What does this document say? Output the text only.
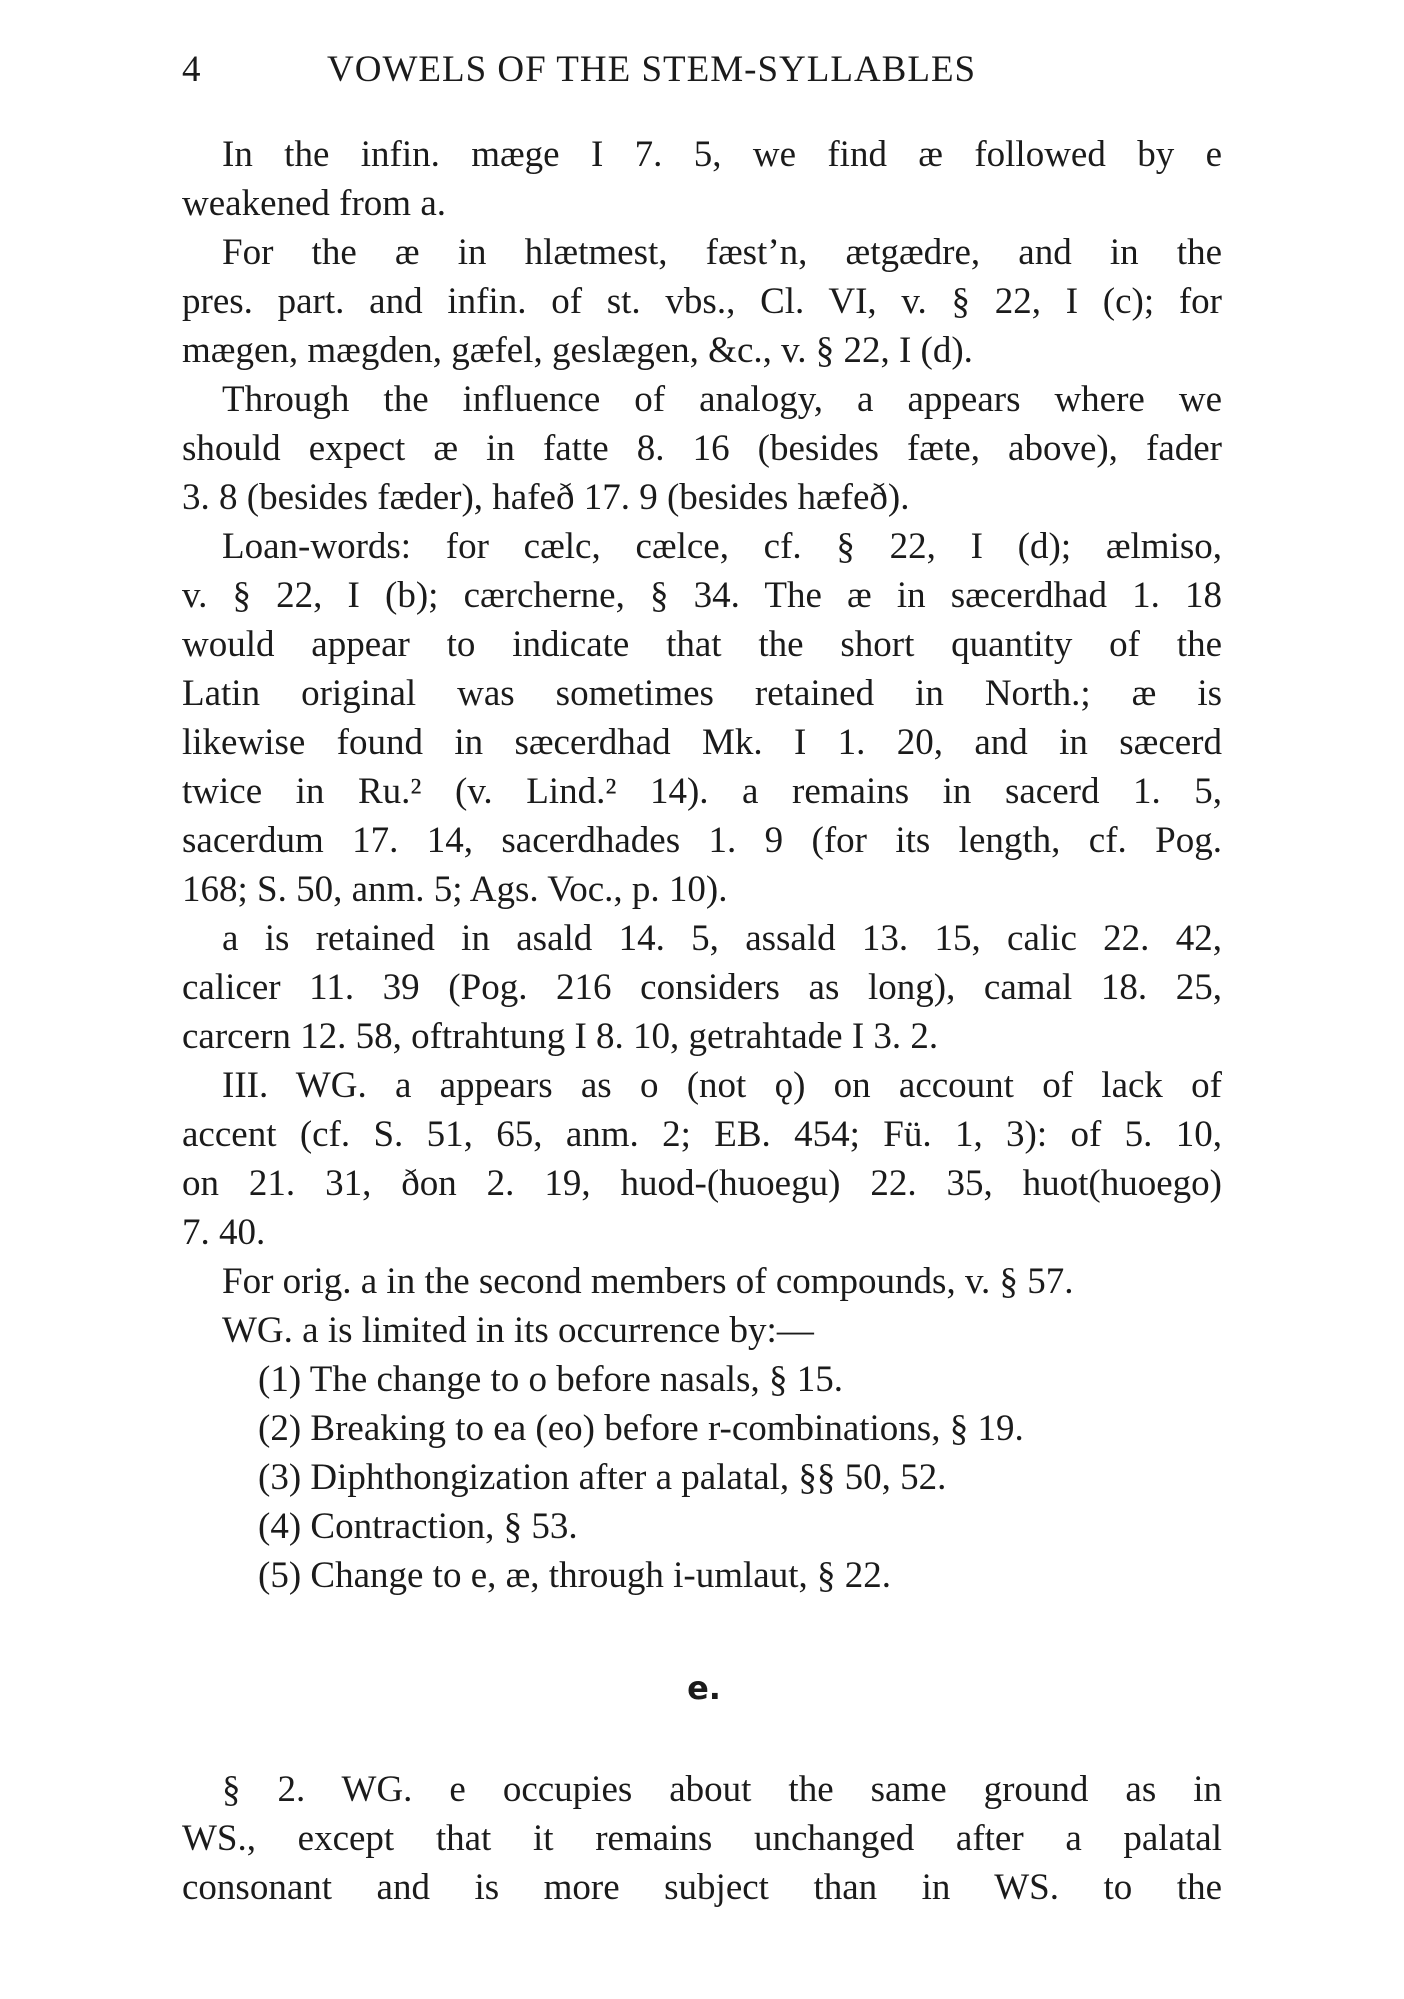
4	VOWELS OF THE STEM-SYLLABLES
In the infin. mæge I 7. 5, we find æ followed by e
weakened from a.
For the æ in hlætmest, fæst’n, ætgædre, and in the
pres. part. and infin. of st. vbs., Cl. VI, v. § 22, I (c); for
mægen, mægden, gæfel, geslægen, &c., v. § 22, I (d).
Through the influence of analogy, a appears where we
should expect æ in fatte 8. 16 (besides fæte, above), fader
3. 8 (besides fæder), hafeð 17. 9 (besides hæfeð).
Loan-words: for cælc, cælce, cf. § 22, I (d); ælmiso,
v. § 22, I (b); cærcherne, § 34. The æ in sæcerdhad 1. 18
would appear to indicate that the short quantity of the
Latin original was sometimes retained in North.; æ is
likewise found in sæcerdhad Mk. I 1. 20, and in sæcerd
twice in Ru.² (v. Lind.² 14). a remains in sacerd 1. 5,
sacerdum 17. 14, sacerdhades 1. 9 (for its length, cf. Pog.
168; S. 50, anm. 5; Ags. Voc., p. 10).
a is retained in asald 14. 5, assald 13. 15, calic 22. 42,
calicer 11. 39 (Pog. 216 considers as long), camal 18. 25,
carcern 12. 58, oftrahtung I 8. 10, getrahtade I 3. 2.
III. WG. a appears as o (not ǫ) on account of lack of
accent (cf. S. 51, 65, anm. 2; EB. 454; Fü. 1, 3): of 5. 10,
on 21. 31, ðon 2. 19, huod-(huoegu) 22. 35, huot(huoego)
7. 40.
For orig. a in the second members of compounds, v. § 57.
WG. a is limited in its occurrence by:—
(1) The change to o before nasals, § 15.
(2) Breaking to ea (eo) before r-combinations, § 19.
(3) Diphthongization after a palatal, §§ 50, 52.
(4) Contraction, § 53.
(5) Change to e, æ, through i-umlaut, § 22.
e.
§ 2. WG. e occupies about the same ground as in
WS., except that it remains unchanged after a palatal
consonant and is more subject than in WS. to the
